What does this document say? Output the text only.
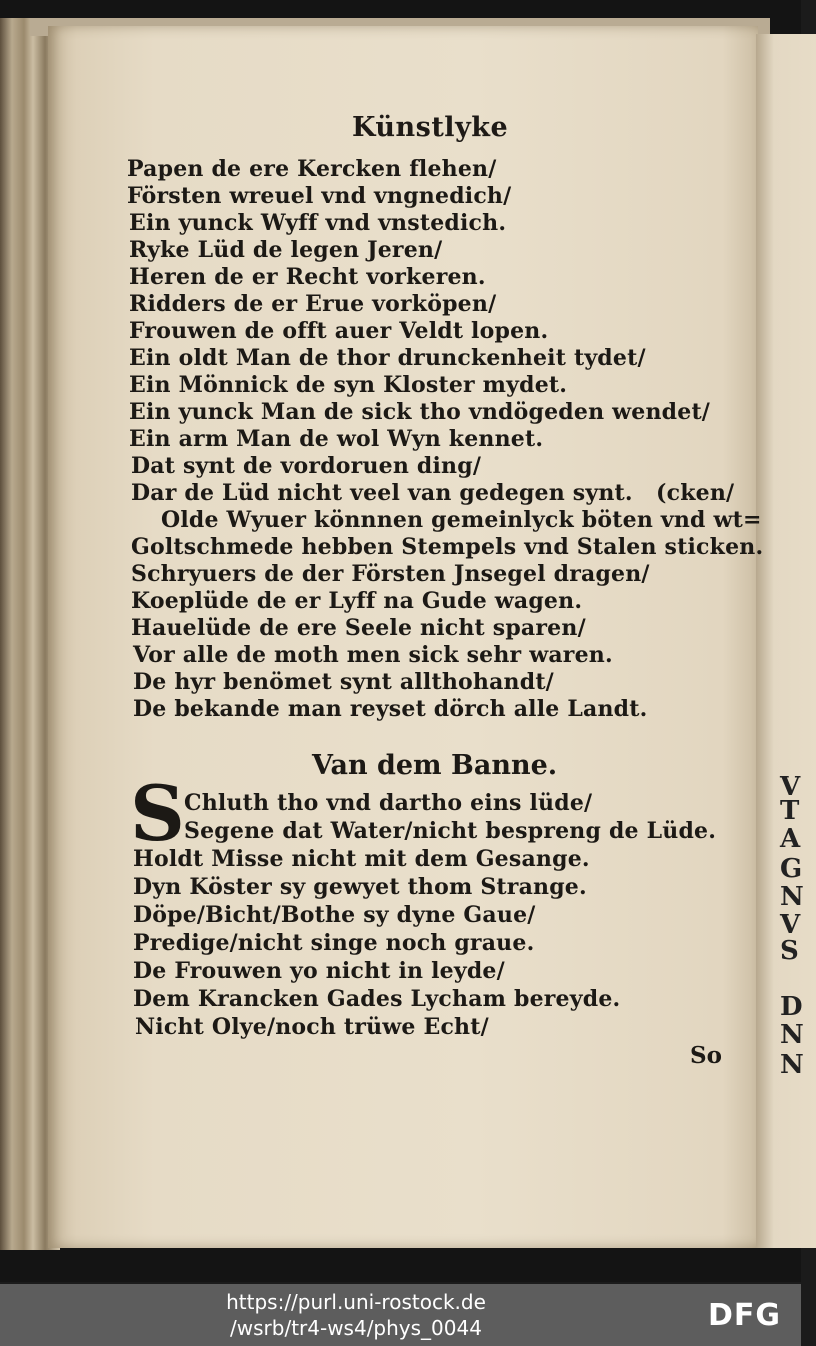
V
T
A
G
N
V
S
D
N
N
Künstlyke
Papen de ere Kercken flehen/
Försten wreuel vnd vngnedich/
Ein yunck Wyff vnd vnstedich.
Ryke Lüd de legen Jeren/
Heren de er Recht vorkeren.
Ridders de er Erue vorköpen/
Frouwen de offt auer Veldt lopen.
Ein oldt Man de thor drunckenheit tydet/
Ein Mönnick de syn Kloster mydet.
Ein yunck Man de sick tho vndögeden wendet/
Ein arm Man de wol Wyn kennet.
Dat synt de vordoruen ding/
Dar de Lüd nicht veel van gedegen synt. (cken/
Olde Wyuer könnnen gemeinlyck böten vnd wt=
Goltschmede hebben Stempels vnd Stalen sticken.
Schryuers de der Försten Jnsegel dragen/
Koeplüde de er Lyff na Gude wagen.
Hauelüde de ere Seele nicht sparen/
Vor alle de moth men sick sehr waren.
De hyr benömet synt allthohandt/
De bekande man reyset dörch alle Landt.
Van dem Banne.
S Chluth tho vnd dartho eins lüde/
Segene dat Water/nicht bespreng de Lüde.
Holdt Misse nicht mit dem Gesange.
Dyn Köster sy gewyet thom Strange.
Döpe/Bicht/Bothe sy dyne Gaue/
Predige/nicht singe noch graue.
De Frouwen yo nicht in leyde/
Dem Krancken Gades Lycham bereyde.
Nicht Olye/noch trüwe Echt/
So
https://purl.uni-rostock.de
/wsrb/tr4-ws4/phys_0044	DFG
